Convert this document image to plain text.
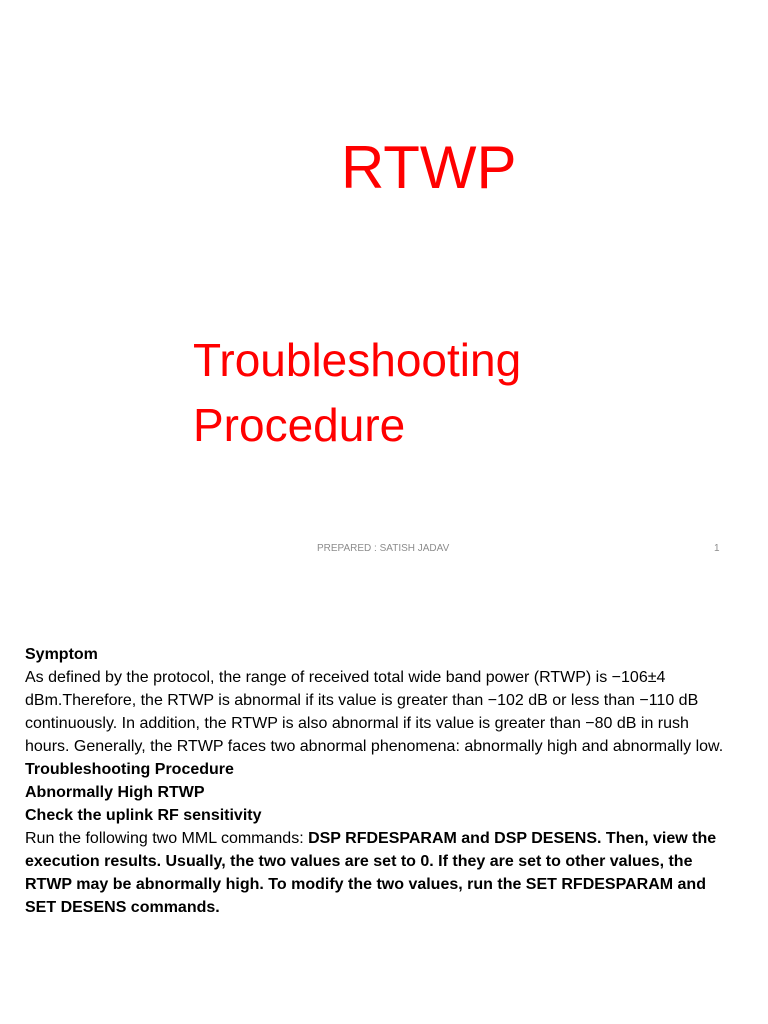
RTWP
Troubleshooting
Procedure
PREPARED : SATISH JADAV	1

Symptom

As defined by the protocol, the range of received total wide band power (RTWP) is −106±4 dBm.Therefore, the RTWP is abnormal if its value is greater than −102 dB or less than −110 dB continuously. In addition, the RTWP is also abnormal if its value is greater than −80 dB in rush hours. Generally, the RTWP faces two abnormal phenomena: abnormally high and abnormally low.

Troubleshooting Procedure

Abnormally High RTWP

Check the uplink RF sensitivity

Run the following two MML commands: DSP RFDESPARAM and DSP DESENS. Then, view the execution results. Usually, the two values are set to 0. If they are set to other values, the RTWP may be abnormally high. To modify the two values, run the SET RFDESPARAM and SET DESENS commands.
